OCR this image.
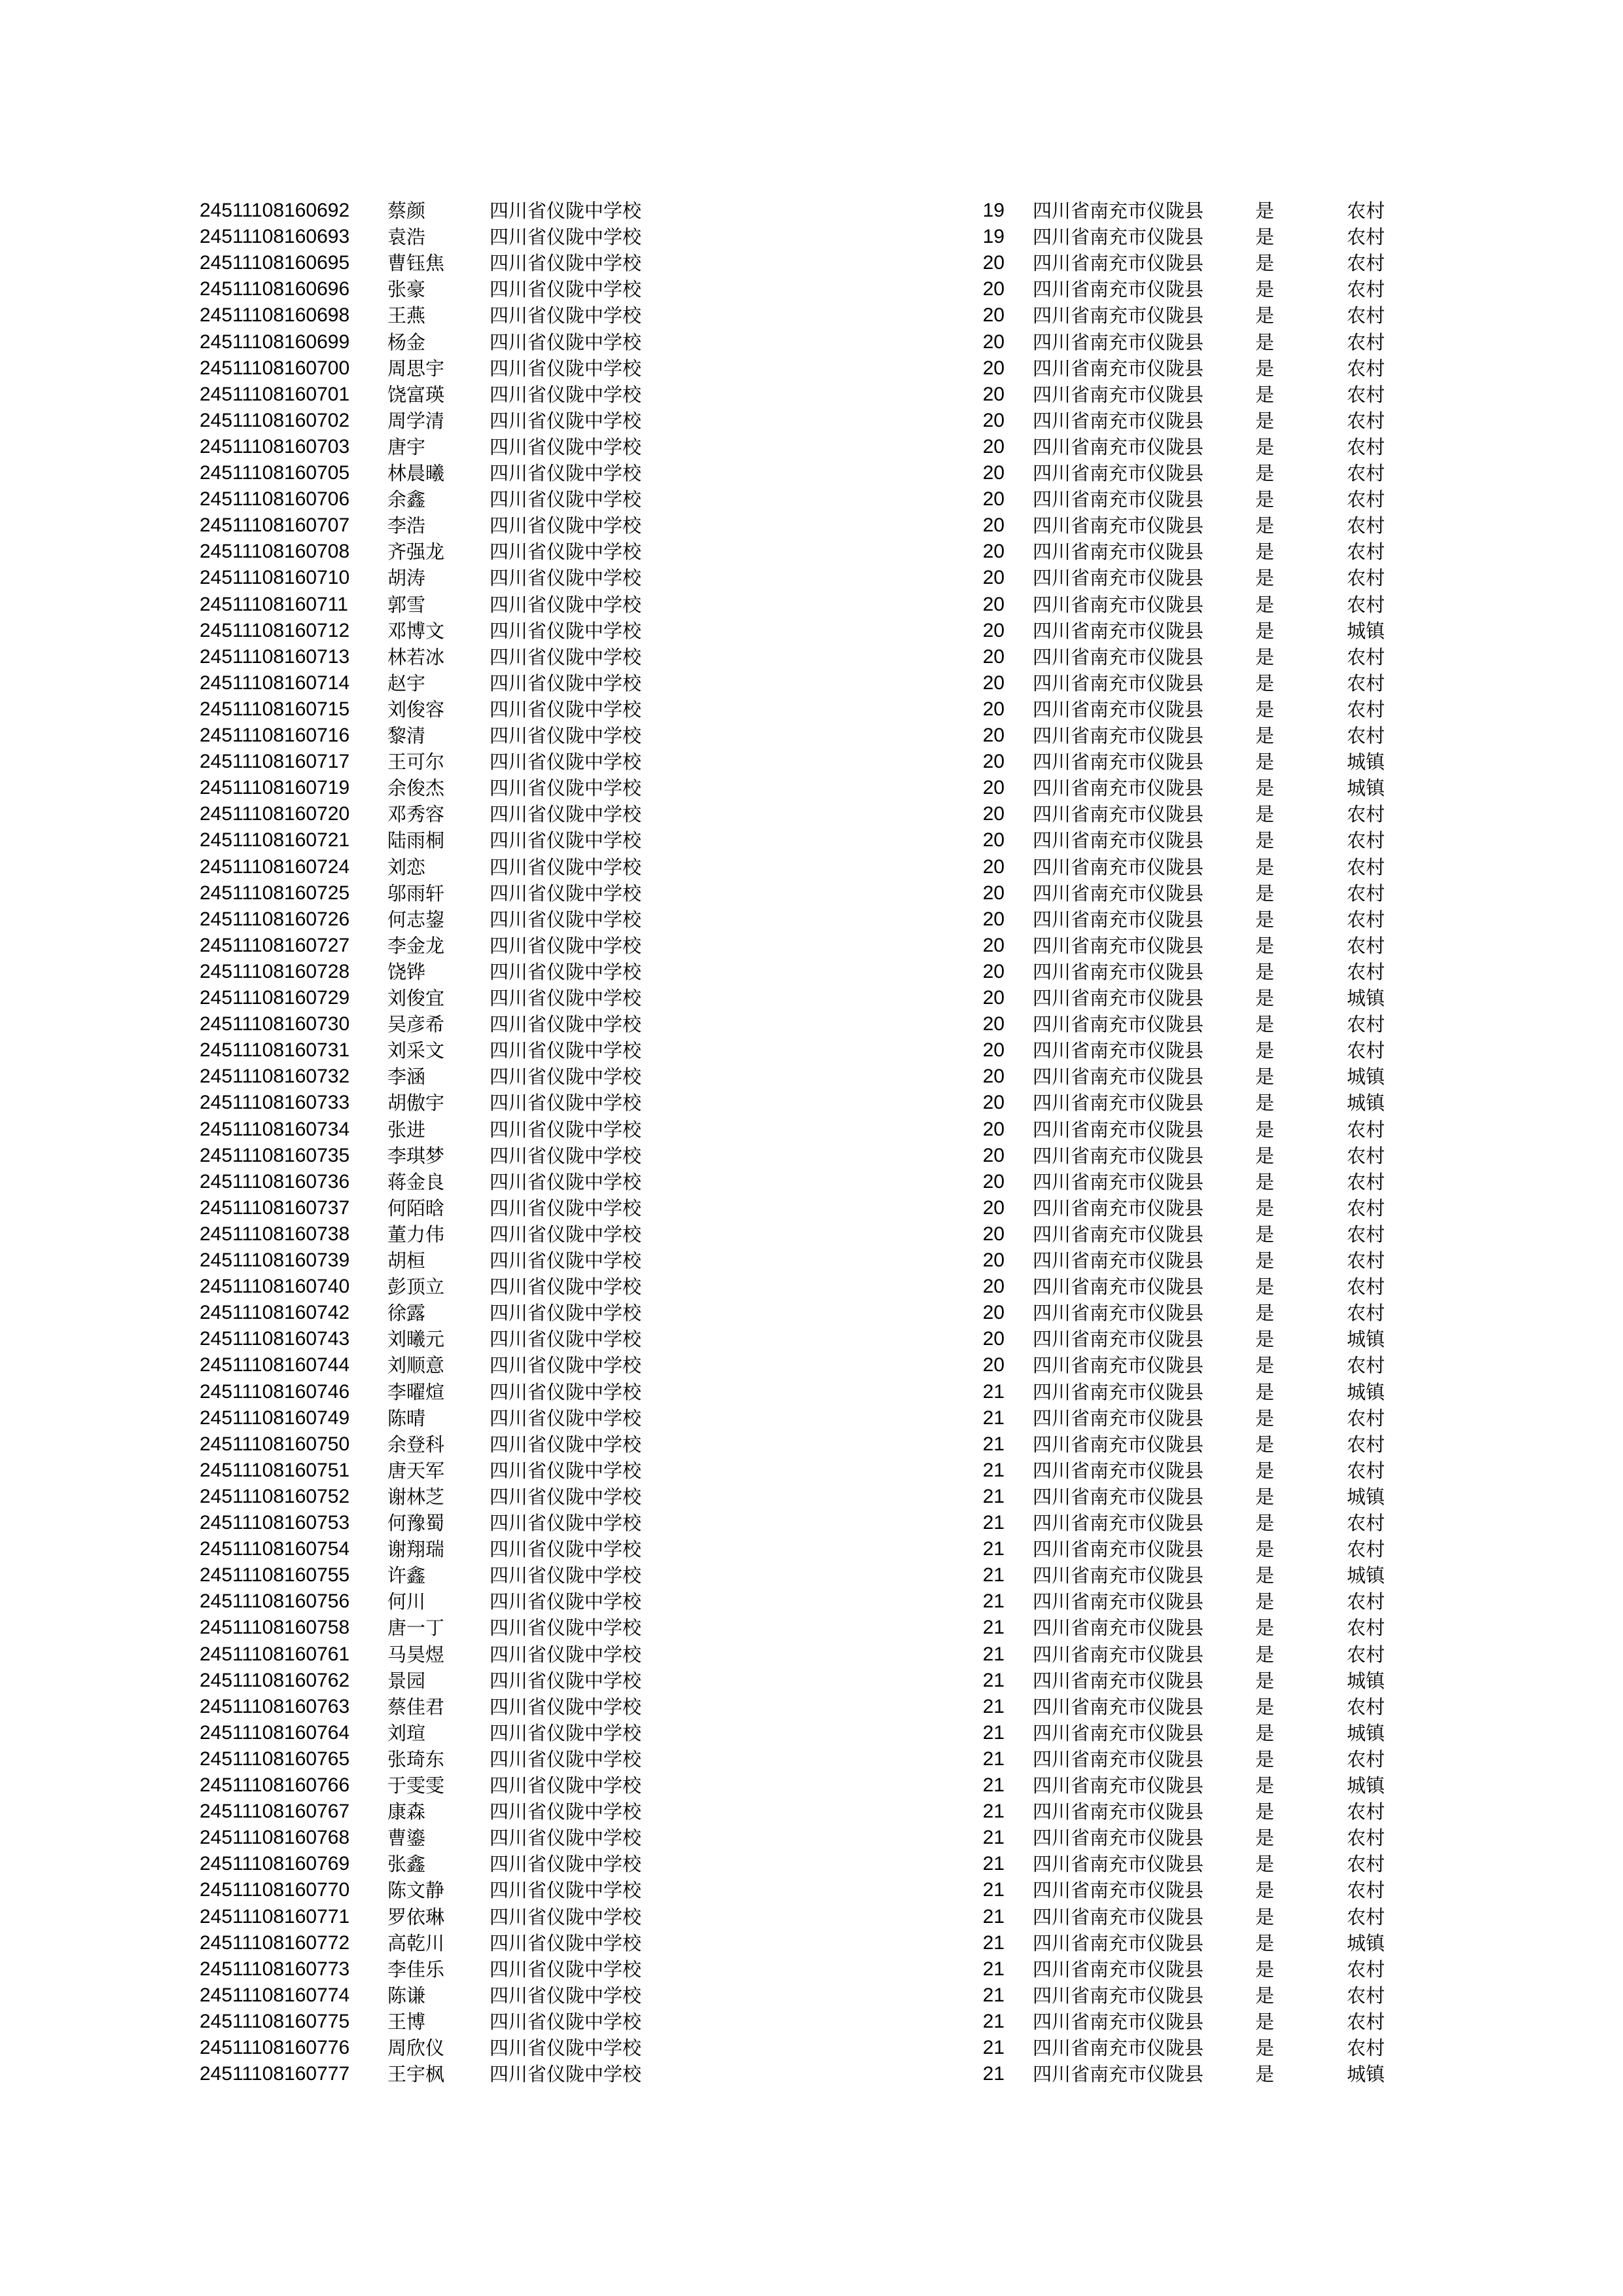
24511108160692 蔡颜	四川省仪陇中学校	19 四川省南充市仪陇县	是	农村
24511108160693 袁浩	四川省仪陇中学校	19 四川省南充市仪陇县	是	农村
24511108160695 曹钰焦 四川省仪陇中学校	20 四川省南充市仪陇县	是	农村
24511108160696 张豪	四川省仪陇中学校	20 四川省南充市仪陇县	是	农村
24511108160698 王燕	四川省仪陇中学校	20 四川省南充市仪陇县	是	农村
24511108160699 杨金	四川省仪陇中学校	20 四川省南充市仪陇县	是	农村
24511108160700 周思宇 四川省仪陇中学校	20 四川省南充市仪陇县	是	农村
24511108160701 饶富瑛 四川省仪陇中学校	20 四川省南充市仪陇县	是	农村
24511108160702 周学清 四川省仪陇中学校	20 四川省南充市仪陇县	是	农村
24511108160703 唐宇	四川省仪陇中学校	20 四川省南充市仪陇县	是	农村
24511108160705 林晨曦 四川省仪陇中学校	20 四川省南充市仪陇县	是	农村
24511108160706 余鑫	四川省仪陇中学校	20 四川省南充市仪陇县	是	农村
24511108160707 李浩	四川省仪陇中学校	20 四川省南充市仪陇县	是	农村
24511108160708 齐强龙 四川省仪陇中学校	20 四川省南充市仪陇县	是	农村
24511108160710 胡涛	四川省仪陇中学校	20 四川省南充市仪陇县	是	农村
24511108160711 郭雪	四川省仪陇中学校	20 四川省南充市仪陇县	是	农村
24511108160712 邓博文 四川省仪陇中学校	20 四川省南充市仪陇县	是	城镇
24511108160713 林若冰 四川省仪陇中学校	20 四川省南充市仪陇县	是	农村
24511108160714 赵宇	四川省仪陇中学校	20 四川省南充市仪陇县	是	农村
24511108160715 刘俊容 四川省仪陇中学校	20 四川省南充市仪陇县	是	农村
24511108160716 黎清	四川省仪陇中学校	20 四川省南充市仪陇县	是	农村
24511108160717 王可尔 四川省仪陇中学校	20 四川省南充市仪陇县	是	城镇
24511108160719 余俊杰 四川省仪陇中学校	20 四川省南充市仪陇县	是	城镇
24511108160720 邓秀容 四川省仪陇中学校	20 四川省南充市仪陇县	是	农村
24511108160721 陆雨桐 四川省仪陇中学校	20 四川省南充市仪陇县	是	农村
24511108160724 刘恋	四川省仪陇中学校	20 四川省南充市仪陇县	是	农村
24511108160725 邬雨轩 四川省仪陇中学校	20 四川省南充市仪陇县	是	农村
24511108160726 何志鋆 四川省仪陇中学校	20 四川省南充市仪陇县	是	农村
24511108160727 李金龙 四川省仪陇中学校	20 四川省南充市仪陇县	是	农村
24511108160728 饶铧	四川省仪陇中学校	20 四川省南充市仪陇县	是	农村
24511108160729 刘俊宜 四川省仪陇中学校	20 四川省南充市仪陇县	是	城镇
24511108160730 吴彦希 四川省仪陇中学校	20 四川省南充市仪陇县	是	农村
24511108160731 刘采文 四川省仪陇中学校	20 四川省南充市仪陇县	是	农村
24511108160732 李涵	四川省仪陇中学校	20 四川省南充市仪陇县	是	城镇
24511108160733 胡傲宇 四川省仪陇中学校	20 四川省南充市仪陇县	是	城镇
24511108160734 张进	四川省仪陇中学校	20 四川省南充市仪陇县	是	农村
24511108160735 李琪梦 四川省仪陇中学校	20 四川省南充市仪陇县	是	农村
24511108160736 蒋金良 四川省仪陇中学校	20 四川省南充市仪陇县	是	农村
24511108160737 何陌晗 四川省仪陇中学校	20 四川省南充市仪陇县	是	农村
24511108160738 董力伟 四川省仪陇中学校	20 四川省南充市仪陇县	是	农村
24511108160739 胡桓	四川省仪陇中学校	20 四川省南充市仪陇县	是	农村
24511108160740 彭顶立 四川省仪陇中学校	20 四川省南充市仪陇县	是	农村
24511108160742 徐露	四川省仪陇中学校	20 四川省南充市仪陇县	是	农村
24511108160743 刘曦元 四川省仪陇中学校	20 四川省南充市仪陇县	是	城镇
24511108160744 刘顺意 四川省仪陇中学校	20 四川省南充市仪陇县	是	农村
24511108160746 李曜煊 四川省仪陇中学校	21 四川省南充市仪陇县	是	城镇
24511108160749 陈晴	四川省仪陇中学校	21 四川省南充市仪陇县	是	农村
24511108160750 余登科 四川省仪陇中学校	21 四川省南充市仪陇县	是	农村
24511108160751 唐天军 四川省仪陇中学校	21 四川省南充市仪陇县	是	农村
24511108160752 谢林芝 四川省仪陇中学校	21 四川省南充市仪陇县	是	城镇
24511108160753 何豫蜀 四川省仪陇中学校	21 四川省南充市仪陇县	是	农村
24511108160754 谢翔瑞 四川省仪陇中学校	21 四川省南充市仪陇县	是	农村
24511108160755 许鑫	四川省仪陇中学校	21 四川省南充市仪陇县	是	城镇
24511108160756 何川	四川省仪陇中学校	21 四川省南充市仪陇县	是	农村
24511108160758 唐一丁 四川省仪陇中学校	21 四川省南充市仪陇县	是	农村
24511108160761 马昊煜 四川省仪陇中学校	21 四川省南充市仪陇县	是	农村
24511108160762 景园	四川省仪陇中学校	21 四川省南充市仪陇县	是	城镇
24511108160763 蔡佳君 四川省仪陇中学校	21 四川省南充市仪陇县	是	农村
24511108160764 刘瑄	四川省仪陇中学校	21 四川省南充市仪陇县	是	城镇
24511108160765 张琦东 四川省仪陇中学校	21 四川省南充市仪陇县	是	农村
24511108160766 于雯雯 四川省仪陇中学校	21 四川省南充市仪陇县	是	城镇
24511108160767 康森	四川省仪陇中学校	21 四川省南充市仪陇县	是	农村
24511108160768 曹鎏	四川省仪陇中学校	21 四川省南充市仪陇县	是	农村
24511108160769 张鑫	四川省仪陇中学校	21 四川省南充市仪陇县	是	农村
24511108160770 陈文静 四川省仪陇中学校	21 四川省南充市仪陇县	是	农村
24511108160771 罗依琳 四川省仪陇中学校	21 四川省南充市仪陇县	是	农村
24511108160772 高乾川 四川省仪陇中学校	21 四川省南充市仪陇县	是	城镇
24511108160773 李佳乐 四川省仪陇中学校	21 四川省南充市仪陇县	是	农村
24511108160774 陈谦	四川省仪陇中学校	21 四川省南充市仪陇县	是	农村
24511108160775 王博	四川省仪陇中学校	21 四川省南充市仪陇县	是	农村
24511108160776 周欣仪 四川省仪陇中学校	21 四川省南充市仪陇县	是	农村
24511108160777 王宇枫 四川省仪陇中学校	21 四川省南充市仪陇县	是	城镇
